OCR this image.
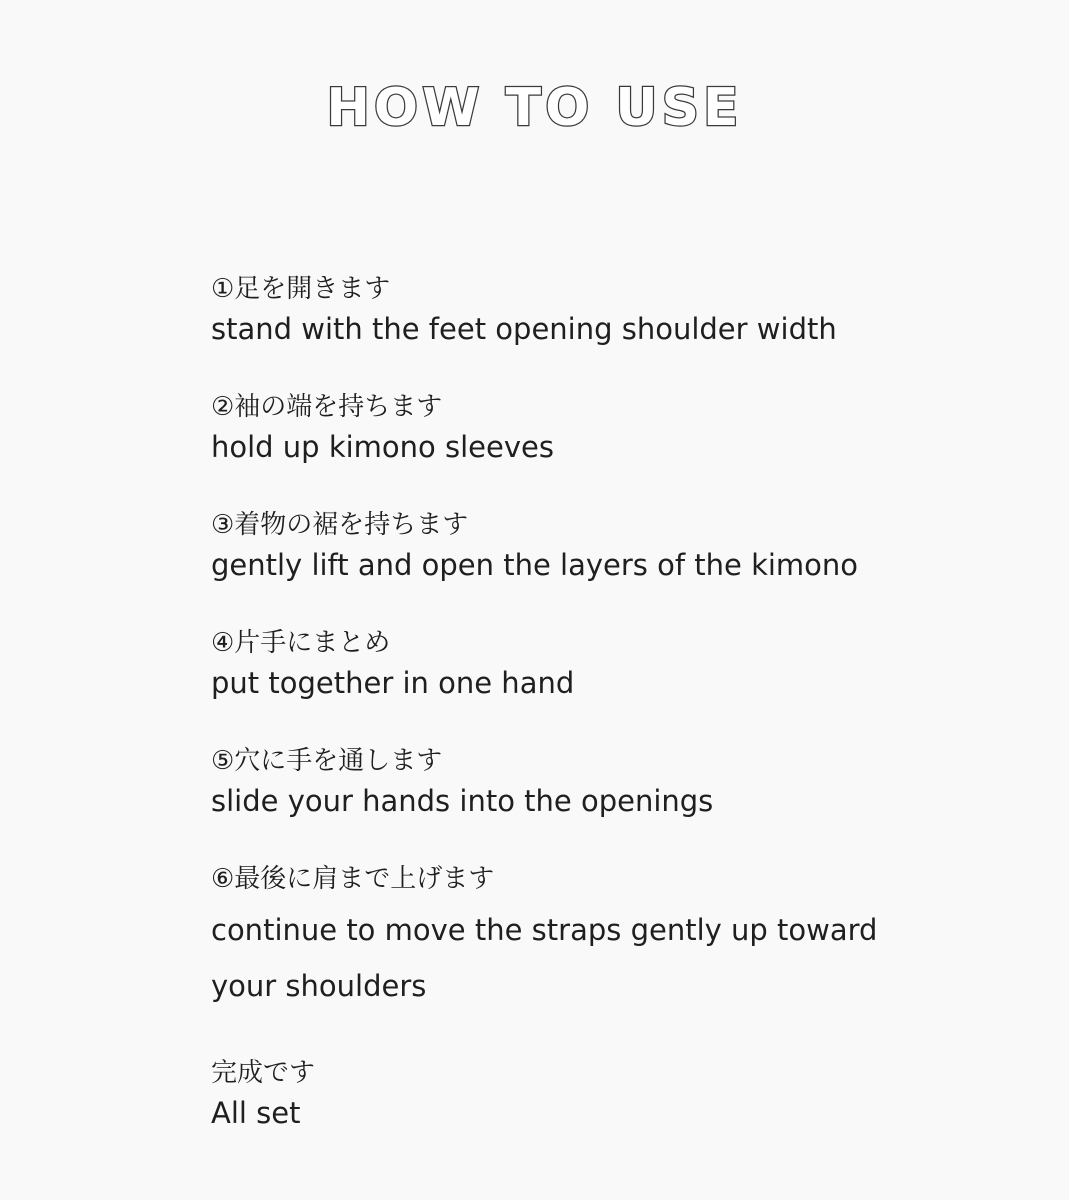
HOW TO USE
①足を開きます
stand with the feet opening shoulder width
②袖の端を持ちます
hold up kimono sleeves
③着物の裾を持ちます
gently lift and open the layers of the kimono
④片手にまとめ
put together in one hand
⑤穴に手を通します
slide your hands into the openings
⑥最後に肩まで上げます
continue to move the straps gently up toward your shoulders
完成です
All set
